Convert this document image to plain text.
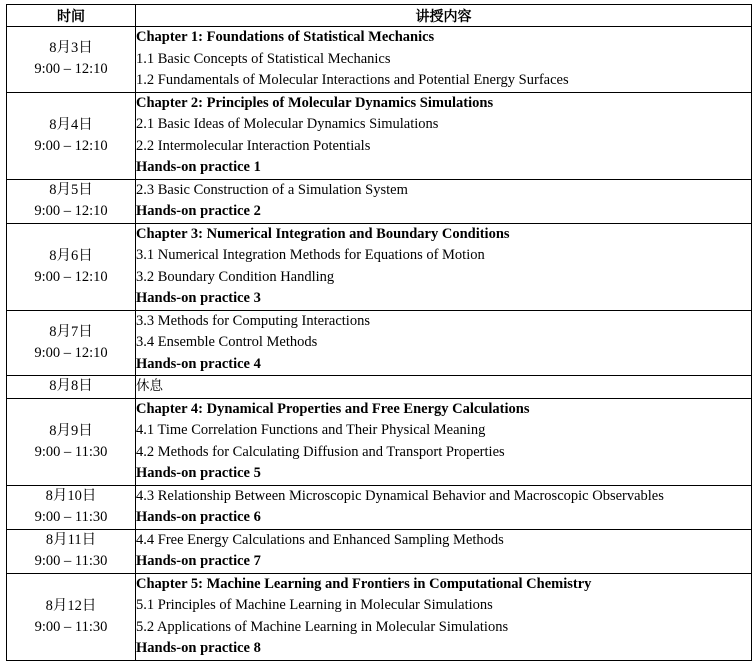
时间	讲授内容

8月3日
9:00 – 12:10	Chapter 1: Foundations of Statistical Mechanics
1.1 Basic Concepts of Statistical Mechanics
1.2 Fundamentals of Molecular Interactions and Potential Energy Surfaces

8月4日
9:00 – 12:10	Chapter 2: Principles of Molecular Dynamics Simulations
2.1 Basic Ideas of Molecular Dynamics Simulations
2.2 Intermolecular Interaction Potentials
Hands-on practice 1

8月5日
9:00 – 12:10	2.3 Basic Construction of a Simulation System
Hands-on practice 2

8月6日
9:00 – 12:10	Chapter 3: Numerical Integration and Boundary Conditions
3.1 Numerical Integration Methods for Equations of Motion
3.2 Boundary Condition Handling
Hands-on practice 3

8月7日
9:00 – 12:10	3.3 Methods for Computing Interactions
3.4 Ensemble Control Methods
Hands-on practice 4

8月8日	休息

8月9日
9:00 – 11:30	Chapter 4: Dynamical Properties and Free Energy Calculations
4.1 Time Correlation Functions and Their Physical Meaning
4.2 Methods for Calculating Diffusion and Transport Properties
Hands-on practice 5

8月10日
9:00 – 11:30	4.3 Relationship Between Microscopic Dynamical Behavior and Macroscopic Observables
Hands-on practice 6

8月11日
9:00 – 11:30	4.4 Free Energy Calculations and Enhanced Sampling Methods
Hands-on practice 7

8月12日
9:00 – 11:30	Chapter 5: Machine Learning and Frontiers in Computational Chemistry
5.1 Principles of Machine Learning in Molecular Simulations
5.2 Applications of Machine Learning in Molecular Simulations
Hands-on practice 8
